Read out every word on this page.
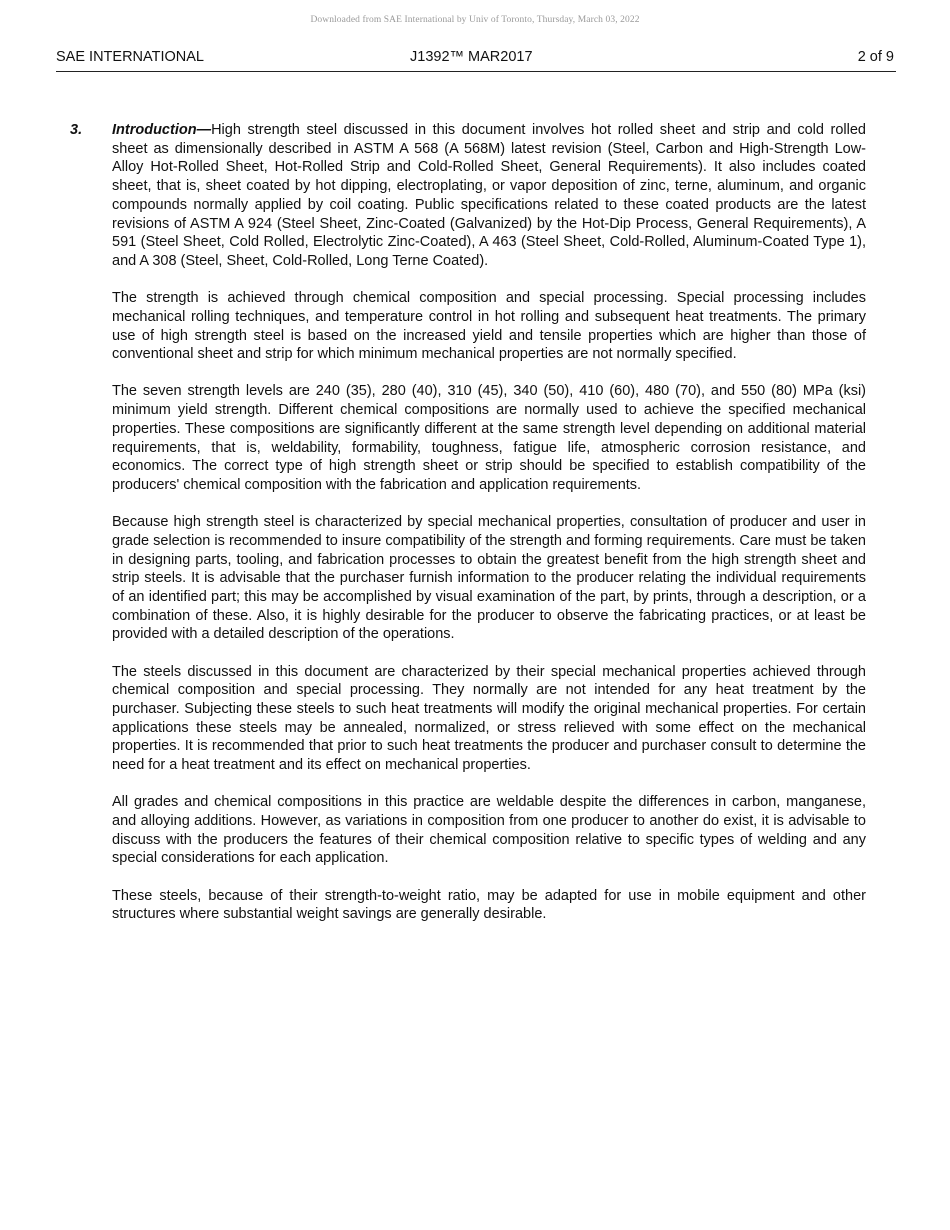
Downloaded from SAE International by Univ of Toronto, Thursday, March 03, 2022
SAE INTERNATIONAL	J1392™ MAR2017	2 of 9
3. Introduction—High strength steel discussed in this document involves hot rolled sheet and strip and cold rolled sheet as dimensionally described in ASTM A 568 (A 568M) latest revision (Steel, Carbon and High-Strength Low-Alloy Hot-Rolled Sheet, Hot-Rolled Strip and Cold-Rolled Sheet, General Requirements). It also includes coated sheet, that is, sheet coated by hot dipping, electroplating, or vapor deposition of zinc, terne, aluminum, and organic compounds normally applied by coil coating. Public specifications related to these coated products are the latest revisions of ASTM A 924 (Steel Sheet, Zinc-Coated (Galvanized) by the Hot-Dip Process, General Requirements), A 591 (Steel Sheet, Cold Rolled, Electrolytic Zinc-Coated), A 463 (Steel Sheet, Cold-Rolled, Aluminum-Coated Type 1), and A 308 (Steel, Sheet, Cold-Rolled, Long Terne Coated).

The strength is achieved through chemical composition and special processing. Special processing includes mechanical rolling techniques, and temperature control in hot rolling and subsequent heat treatments. The primary use of high strength steel is based on the increased yield and tensile properties which are higher than those of conventional sheet and strip for which minimum mechanical properties are not normally specified.

The seven strength levels are 240 (35), 280 (40), 310 (45), 340 (50), 410 (60), 480 (70), and 550 (80) MPa (ksi) minimum yield strength. Different chemical compositions are normally used to achieve the specified mechanical properties. These compositions are significantly different at the same strength level depending on additional material requirements, that is, weldability, formability, toughness, fatigue life, atmospheric corrosion resistance, and economics. The correct type of high strength sheet or strip should be specified to establish compatibility of the producers' chemical composition with the fabrication and application requirements.

Because high strength steel is characterized by special mechanical properties, consultation of producer and user in grade selection is recommended to insure compatibility of the strength and forming requirements. Care must be taken in designing parts, tooling, and fabrication processes to obtain the greatest benefit from the high strength sheet and strip steels. It is advisable that the purchaser furnish information to the producer relating the individual requirements of an identified part; this may be accomplished by visual examination of the part, by prints, through a description, or a combination of these. Also, it is highly desirable for the producer to observe the fabricating practices, or at least be provided with a detailed description of the operations.

The steels discussed in this document are characterized by their special mechanical properties achieved through chemical composition and special processing. They normally are not intended for any heat treatment by the purchaser. Subjecting these steels to such heat treatments will modify the original mechanical properties. For certain applications these steels may be annealed, normalized, or stress relieved with some effect on the mechanical properties. It is recommended that prior to such heat treatments the producer and purchaser consult to determine the need for a heat treatment and its effect on mechanical properties.

All grades and chemical compositions in this practice are weldable despite the differences in carbon, manganese, and alloying additions. However, as variations in composition from one producer to another do exist, it is advisable to discuss with the producers the features of their chemical composition relative to specific types of welding and any special considerations for each application.

These steels, because of their strength-to-weight ratio, may be adapted for use in mobile equipment and other structures where substantial weight savings are generally desirable.
